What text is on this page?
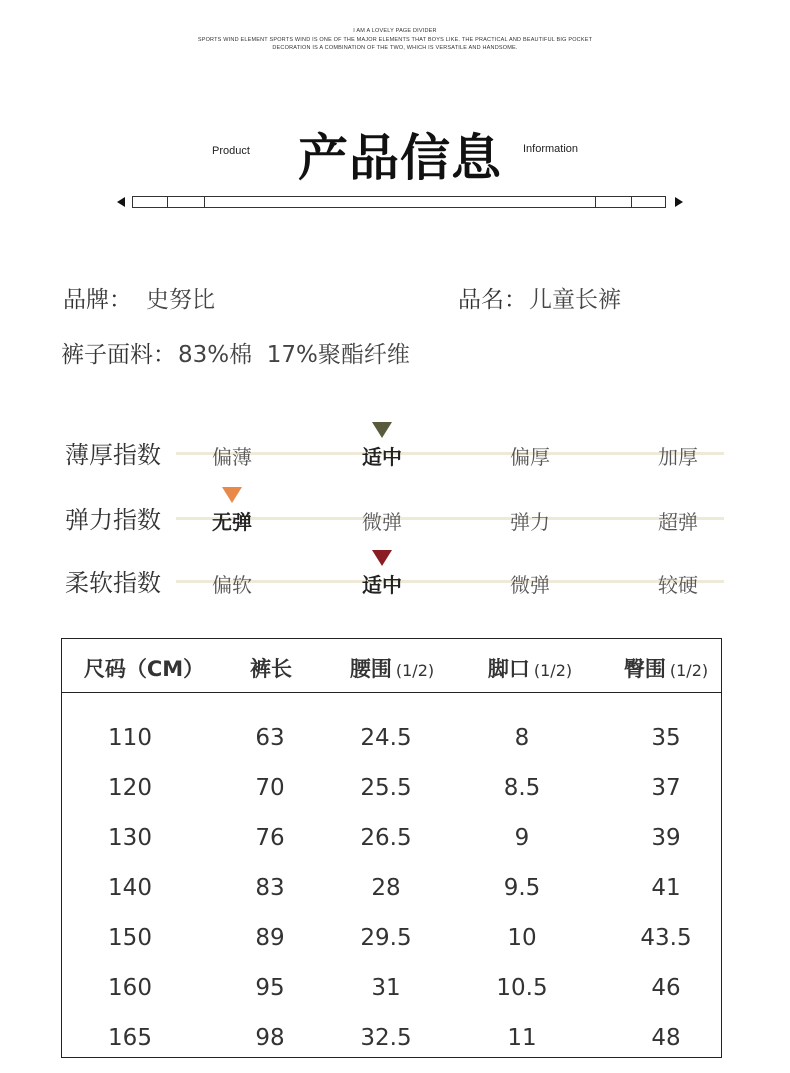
I AM A LOVELY PAGE DIVIDER
SPORTS WIND ELEMENT SPORTS WIND IS ONE OF THE MAJOR ELEMENTS THAT BOYS LIKE. THE PRACTICAL AND BEAUTIFUL BIG POCKET
DECORATION IS A COMBINATION OF THE TWO, WHICH IS VERSATILE AND HANDSOME.
Product 产品信息 Information
品牌： 史努比	品名：儿童长裤
裤子面料：83%棉  17%聚酯纤维
薄厚指数	偏薄	适中	偏厚	加厚
弹力指数	无弹	微弹	弹力	超弹
柔软指数	偏软	适中	微弹	较硬
尺码（CM） 裤长	腰围 (1/2)	脚口 (1/2) 臀围 (1/2)
110	63	24.5	8	35
120	70	25.5	8.5	37
130	76	26.5	9	39
140	83	28	9.5	41
150	89	29.5	10	43.5
160	95	31	10.5	46
165	98	32.5	11	48
